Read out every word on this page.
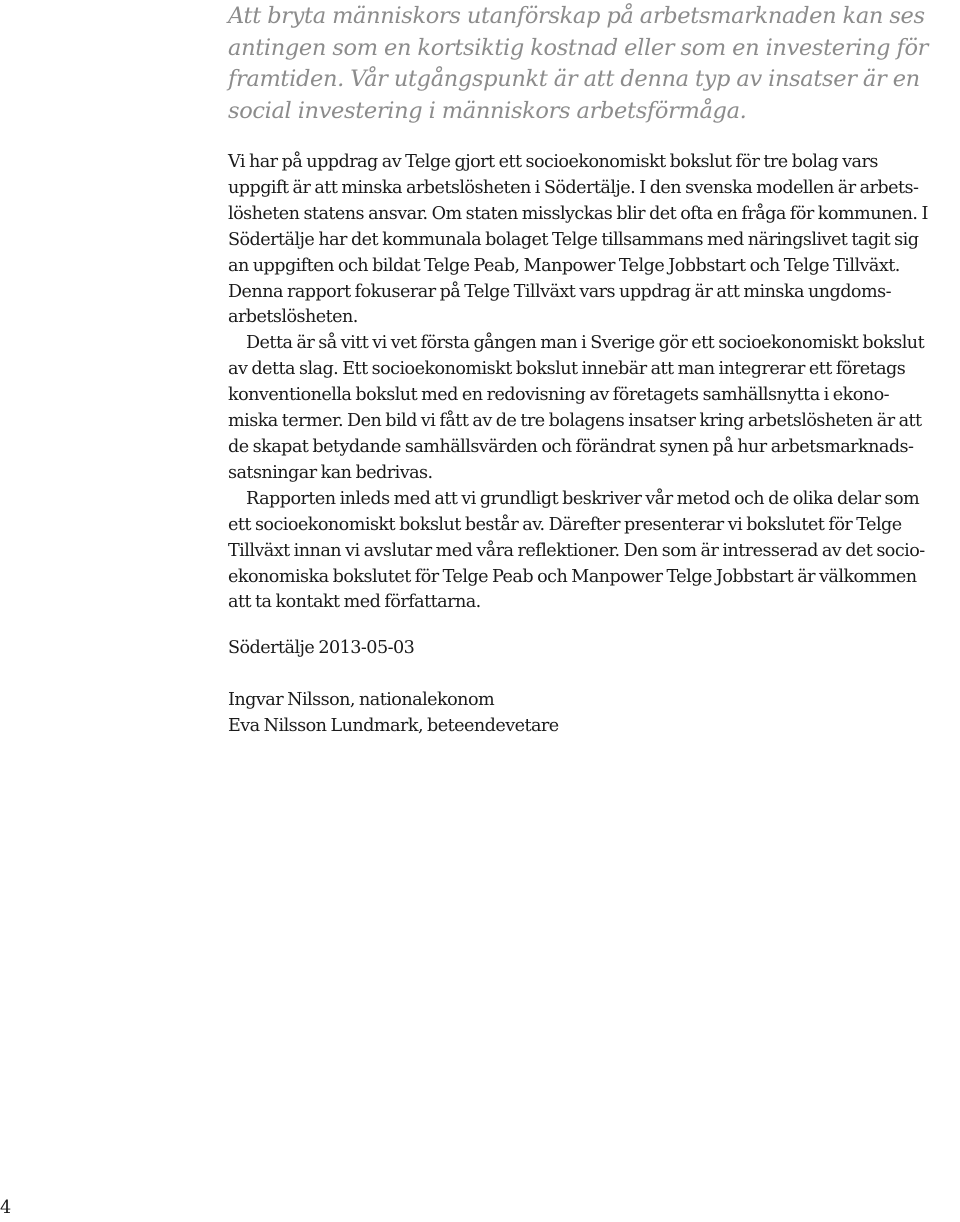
Att bryta människors utanförskap på arbetsmarknaden kan ses
antingen som en kortsiktig kostnad eller som en investering för
framtiden. Vår utgångspunkt är att denna typ av insatser är en
social investering i människors arbetsförmåga.

Vi har på uppdrag av Telge gjort ett socioekonomiskt bokslut för tre bolag vars
uppgift är att minska arbetslösheten i Södertälje. I den svenska modellen är arbets-
lösheten statens ansvar. Om staten misslyckas blir det ofta en fråga för kommunen. I
Södertälje har det kommunala bolaget Telge tillsammans med näringslivet tagit sig
an uppgiften och bildat Telge Peab, Manpower Telge Jobbstart och Telge Tillväxt.
Denna rapport fokuserar på Telge Tillväxt vars uppdrag är att minska ungdoms-
arbetslösheten.

Detta är så vitt vi vet första gången man i Sverige gör ett socioekonomiskt bokslut
av detta slag. Ett socioekonomiskt bokslut innebär att man integrerar ett företags
konventionella bokslut med en redovisning av företagets samhällsnytta i ekono-
miska termer. Den bild vi fått av de tre bolagens insatser kring arbetslösheten är att
de skapat betydande samhällsvärden och förändrat synen på hur arbetsmarknads-
satsningar kan bedrivas.

Rapporten inleds med att vi grundligt beskriver vår metod och de olika delar som
ett socioekonomiskt bokslut består av. Därefter presenterar vi bokslutet för Telge
Tillväxt innan vi avslutar med våra reflektioner. Den som är intresserad av det socio-
ekonomiska bokslutet för Telge Peab och Manpower Telge Jobbstart är välkommen
att ta kontakt med författarna.

Södertälje 2013-05-03
Ingvar Nilsson, nationalekonom
Eva Nilsson Lundmark, beteendevetare
4
